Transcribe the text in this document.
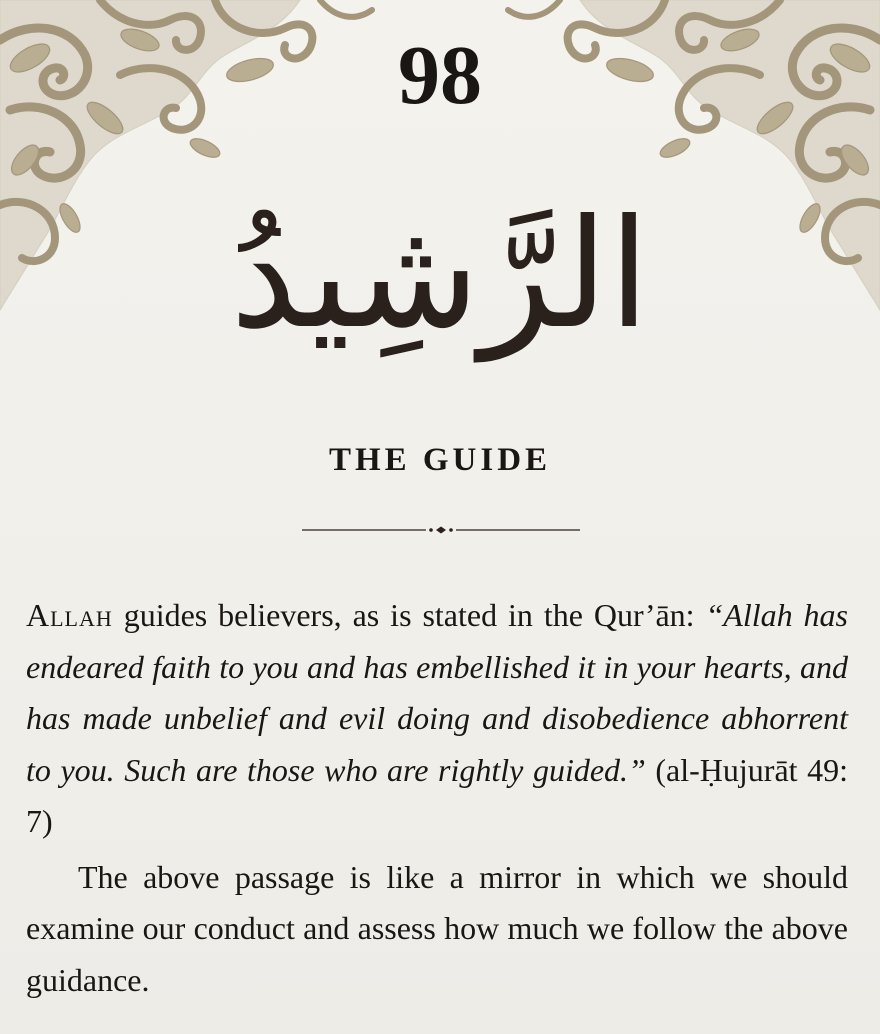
98
الرَّشِيدُ
THE GUIDE

Allah guides believers, as is stated in the Qur’ān: “Allah has endeared faith to you and has embellished it in your hearts, and has made unbelief and evil doing and disobedience abhorrent to you. Such are those who are rightly guided.” (al-Ḥujurāt 49: 7)

The above passage is like a mirror in which we should examine our conduct and assess how much we follow the above guidance.
